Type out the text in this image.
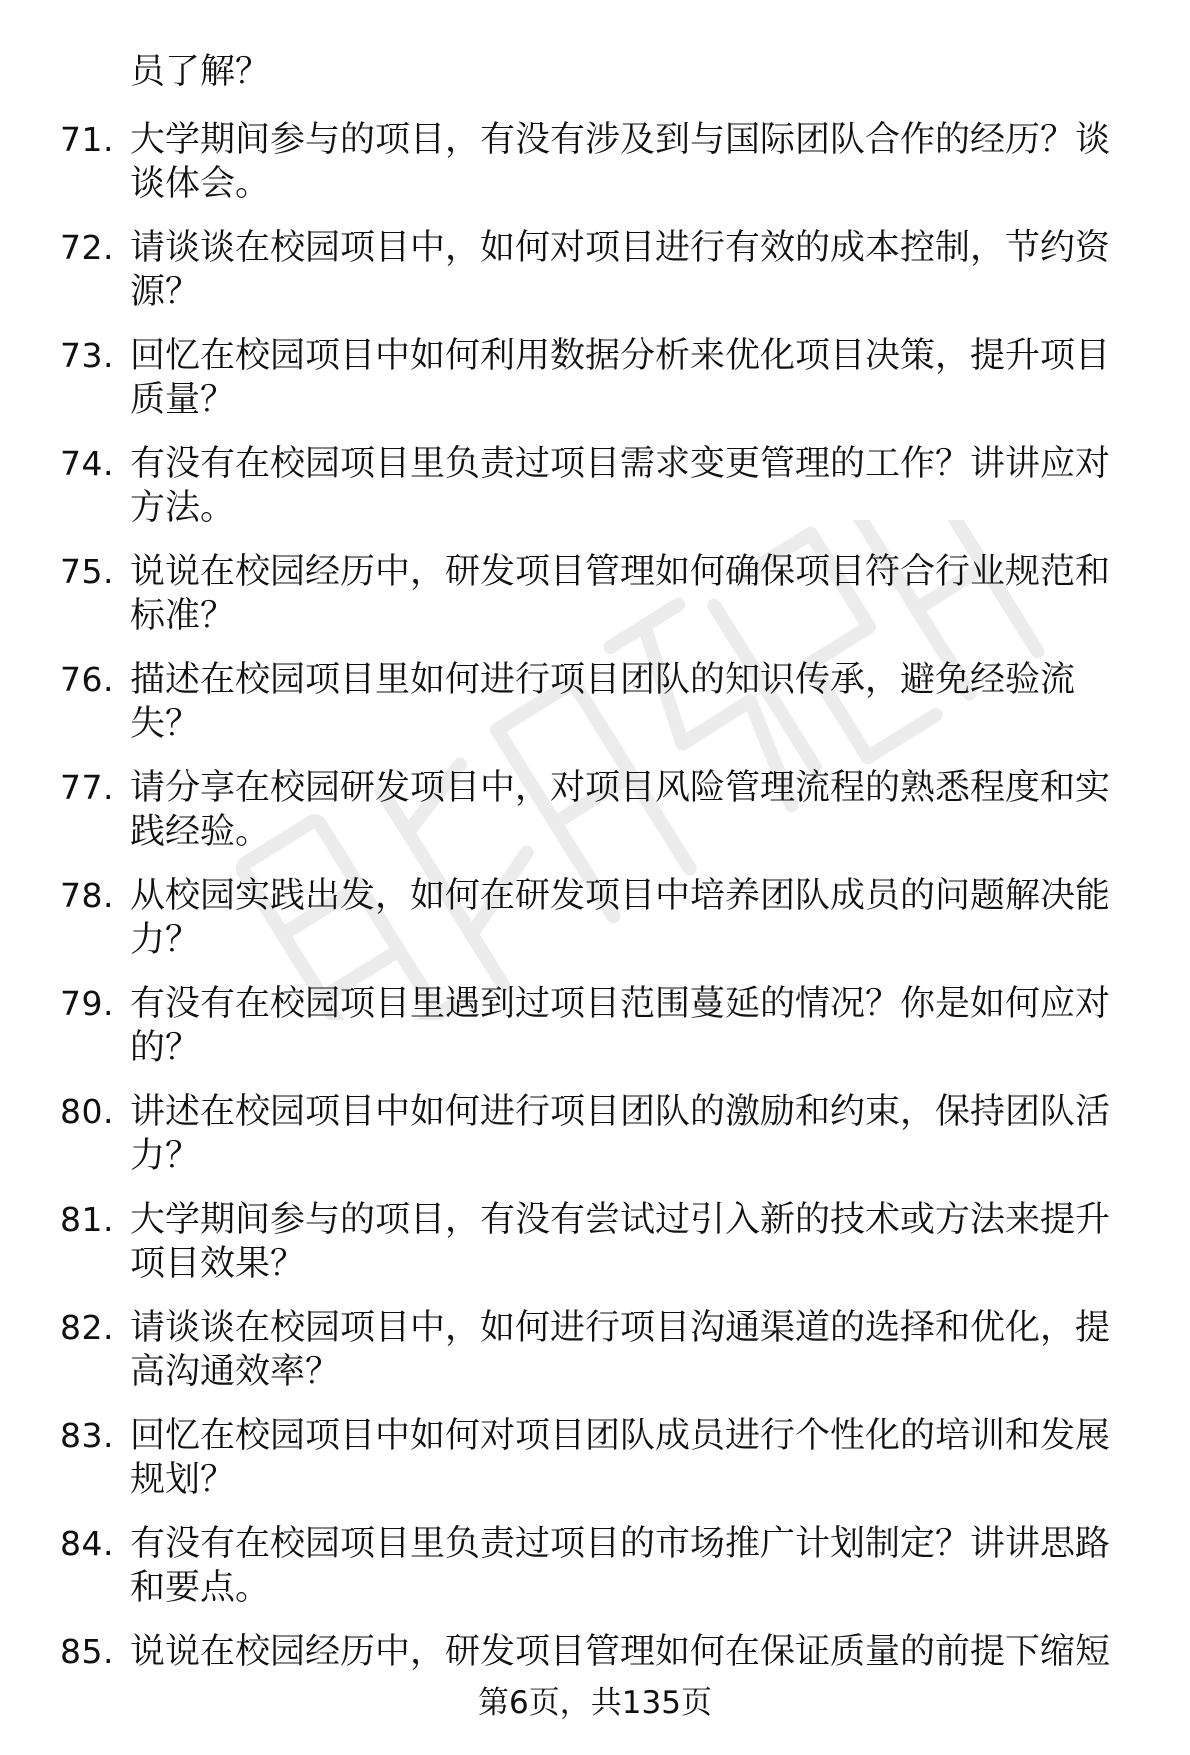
员了解？
71. 大学期间参与的项目，有没有涉及到与国际团队合作的经历？谈
谈体会。
72. 请谈谈在校园项目中，如何对项目进行有效的成本控制，节约资
源？
73. 回忆在校园项目中如何利用数据分析来优化项目决策，提升项目
质量？
74. 有没有在校园项目里负责过项目需求变更管理的工作？讲讲应对
方法。
75. 说说在校园经历中，研发项目管理如何确保项目符合行业规范和
标准？
76. 描述在校园项目里如何进行项目团队的知识传承，避免经验流
失？
77. 请分享在校园研发项目中，对项目风险管理流程的熟悉程度和实
践经验。
78. 从校园实践出发，如何在研发项目中培养团队成员的问题解决能
力？
79. 有没有在校园项目里遇到过项目范围蔓延的情况？你是如何应对
的？
80. 讲述在校园项目中如何进行项目团队的激励和约束，保持团队活
力？
81. 大学期间参与的项目，有没有尝试过引入新的技术或方法来提升
项目效果？
82. 请谈谈在校园项目中，如何进行项目沟通渠道的选择和优化，提
高沟通效率？
83. 回忆在校园项目中如何对项目团队成员进行个性化的培训和发展
规划？
84. 有没有在校园项目里负责过项目的市场推广计划制定？讲讲思路
和要点。
85. 说说在校园经历中，研发项目管理如何在保证质量的前提下缩短
第6页，共135页
